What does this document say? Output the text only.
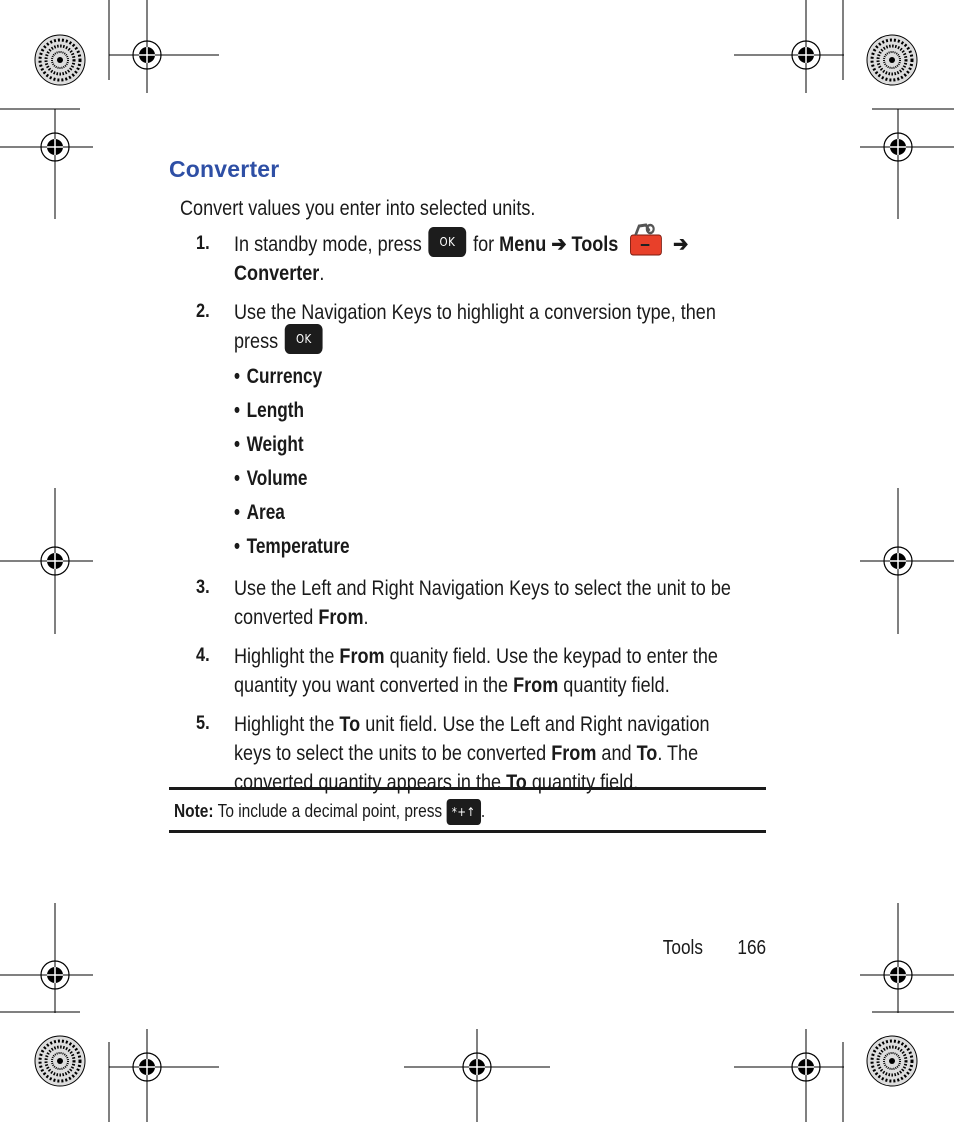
Converter

Convert values you enter into selected units.

1. In standby mode, press OK for Menu ➔ Tools	➔
Converter.
2. Use the Navigation Keys to highlight a conversion type, then
press OK
• Currency
• Length
• Weight
• Volume
• Area
• Temperature
3. Use the Left and Right Navigation Keys to select the unit to be
converted From.
4. Highlight the From quanity field. Use the keypad to enter the
quantity you want converted in the From quantity field.
5. Highlight the To unit field. Use the Left and Right navigation
keys to select the units to be converted From and To. The
converted quantity appears in the To quantity field.
Note: To include a decimal point, press *+↑ .
Tools 166
